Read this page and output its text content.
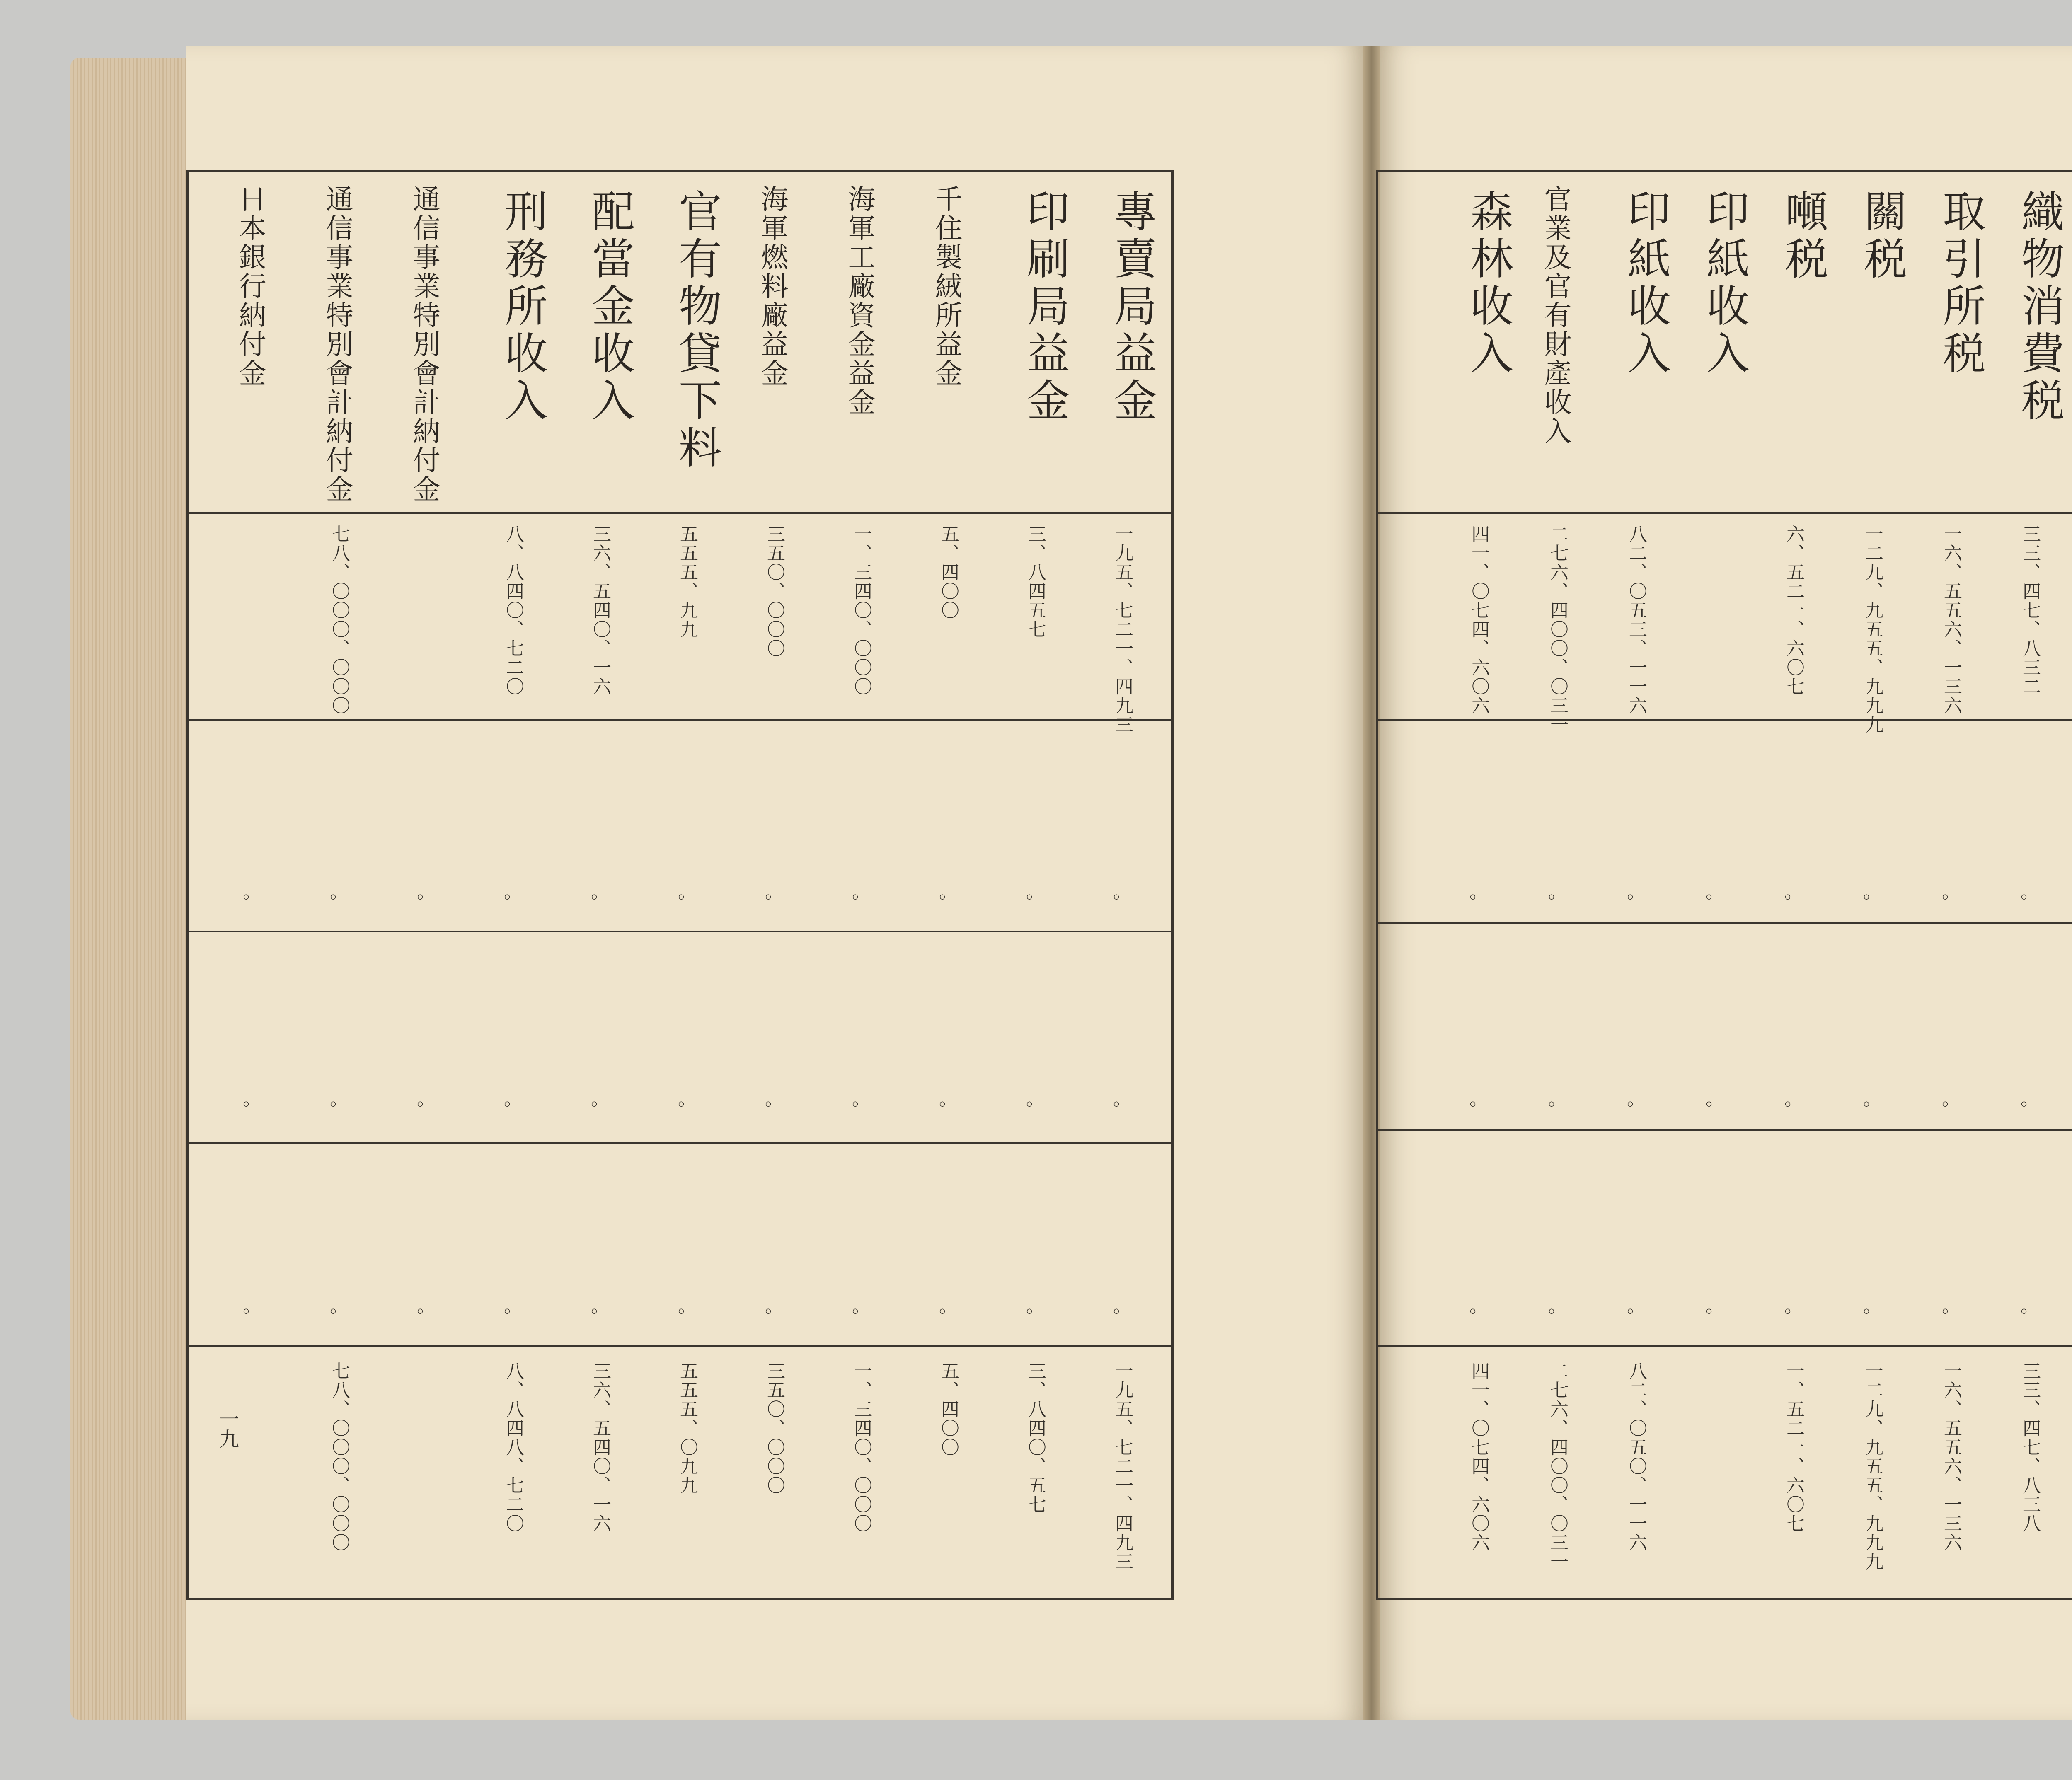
專賣局益金
一九五、七二一、四九三
一九五、七二一、四九三
。
。
。
印刷局益金
三、八四五七
三、八四〇、五七
。
。
。
千住製絨所益金
五、四〇〇
五、四〇〇
。
。
。
海軍工廠資金益金
一、三四〇、〇〇〇
一、三四〇、〇〇〇
。
。
。
海軍燃料廠益金
三五〇、〇〇〇
三五〇、〇〇〇
。
。
。
官有物貸下料
五五五、九九
五五五、〇九九
。
。
。
配當金收入
三六、五四〇、一六
三六、五四〇、一六
。
。
。
刑務所收入
八、八四〇、七二〇
八、八四八、七二〇
。
。
。
通信事業特別會計納付金
。
。
。
通信事業特別會計納付金
七八、〇〇〇、〇〇〇
七八、〇〇〇、〇〇〇
。
。
。
日本銀行納付金
。
。
。
一九
織物消費税
三三、四七、八三二
三三、四七、八三八
。
。
。
取引所税
一六、五五六、一三六
一六、五五六、一三六
。
。
。
關税
一二九、九五五、九九九
一二九、九五五、九九九
。
。
。
噸税
六、五二一、六〇七
一、五二一、六〇七
。
。
。
印紙收入
。
。
。
印紙收入
八二、〇五三、一一六
八二、〇五〇、一一六
。
。
。
官業及官有財產收入
二七六、四〇〇、〇三一
二七六、四〇〇、〇三一
。
。
。
森林收入
四一、〇七四、六〇六
四一、〇七四、六〇六
。
。
。
